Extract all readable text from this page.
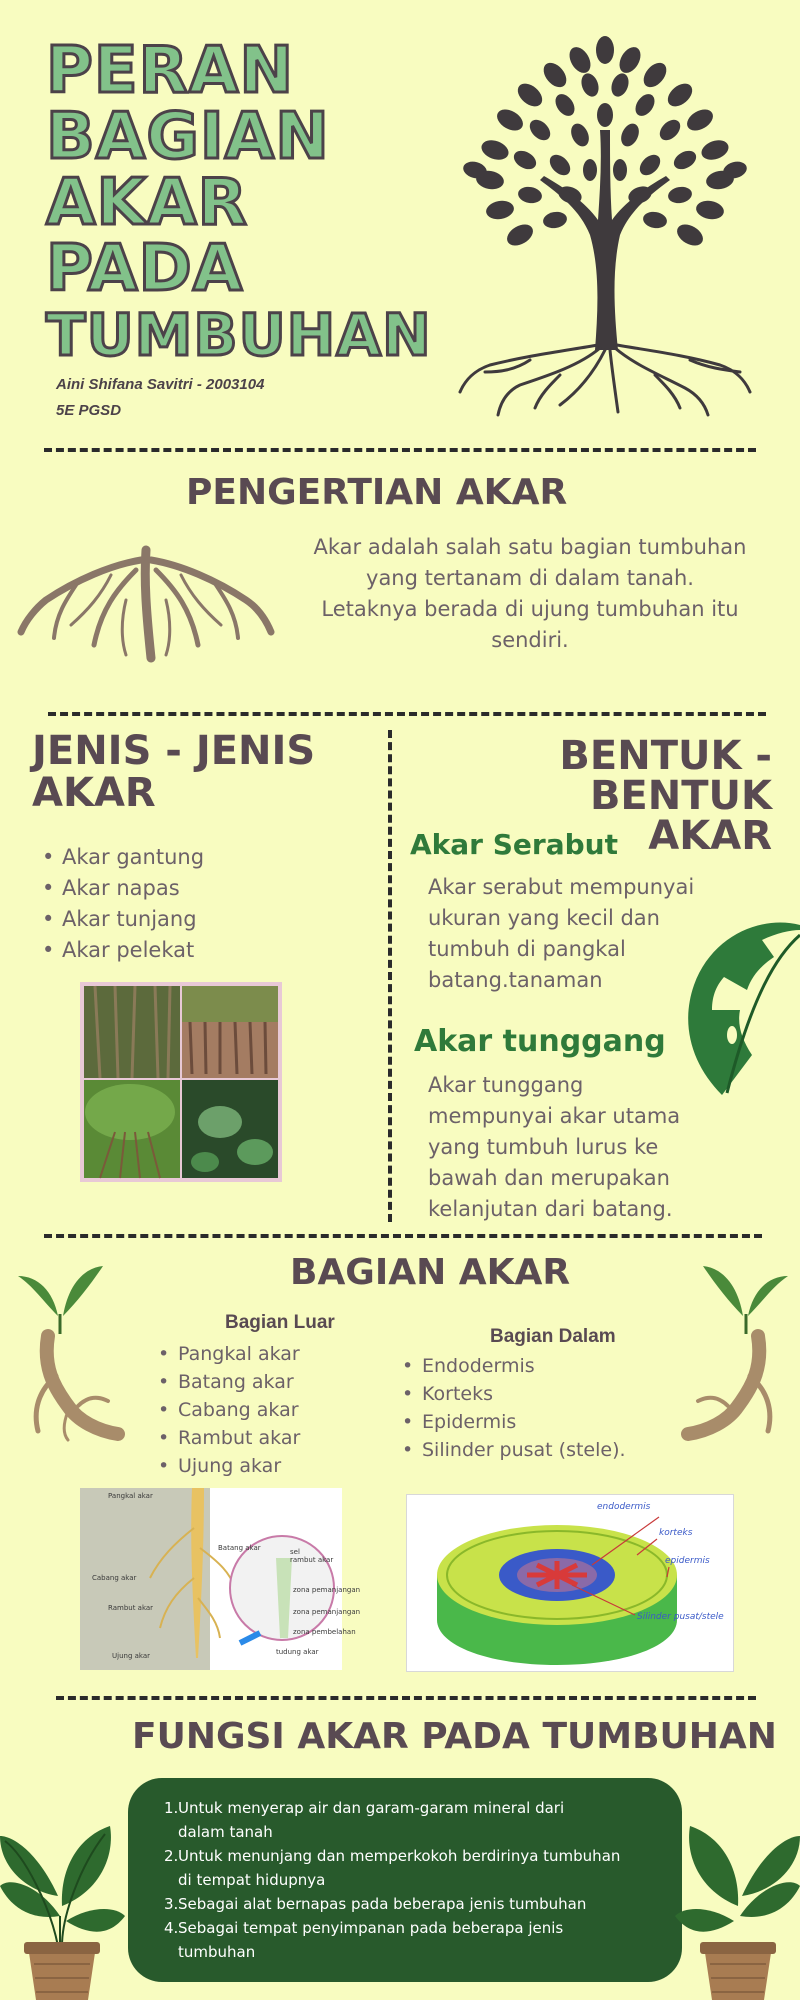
PERAN
BAGIAN
AKAR
PADA
TUMBUHAN
Aini Shifana Savitri - 2003104
5E PGSD
PENGERTIAN AKAR
Akar adalah salah satu bagian tumbuhan
yang tertanam di dalam tanah.
Letaknya berada di ujung tumbuhan itu
sendiri.
JENIS - JENIS
AKAR
• Akar gantung
• Akar napas
• Akar tunjang
• Akar pelekat
BENTUK - BENTUK
AKAR
Akar Serabut
Akar serabut mempunyai
ukuran yang kecil dan
tumbuh di pangkal
batang.tanaman
Akar tunggang
Akar tunggang
mempunyai akar utama
yang tumbuh lurus ke
bawah dan merupakan
kelanjutan dari batang.
BAGIAN AKAR
Bagian Luar
• Pangkal akar
• Batang akar
• Cabang akar
• Rambut akar
• Ujung akar
Bagian Dalam
• Endodermis
• Korteks
• Epidermis
• Silinder pusat (stele).
Pangkal akar
Batang akar
Cabang akar
Rambut akar
Ujung akar
sel
rambut akar
zona pemanjangan
zona pemanjangan
zona pembelahan
tudung akar
endodermis
korteks
epidermis
Silinder pusat/stele
FUNGSI AKAR PADA TUMBUHAN
1. Untuk menyerap air dan garam-garam mineral dari
dalam tanah
2. Untuk menunjang dan memperkokoh berdirinya tumbuhan
di tempat hidupnya
3. Sebagai alat bernapas pada beberapa jenis tumbuhan
4. Sebagai tempat penyimpanan pada beberapa jenis
tumbuhan
